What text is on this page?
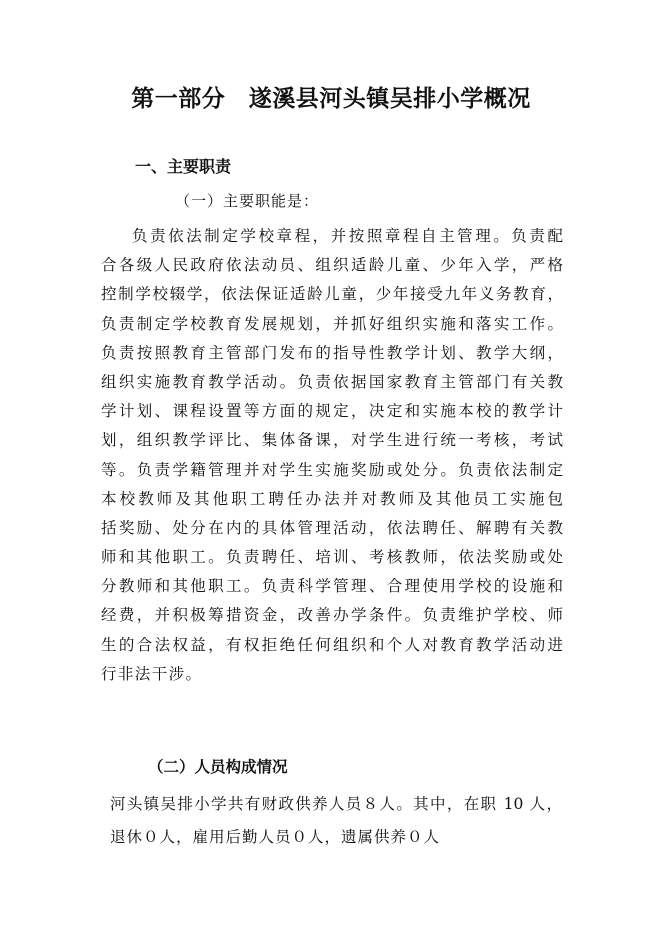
第一部分　遂溪县河头镇吴排小学概况
一、主要职责
（一）主要职能是：
负责依法制定学校章程，并按照章程自主管理。负责配
合各级人民政府依法动员、组织适龄儿童、少年入学，严格
控制学校辍学，依法保证适龄儿童，少年接受九年义务教育，
负责制定学校教育发展规划，并抓好组织实施和落实工作。
负责按照教育主管部门发布的指导性教学计划、教学大纲，
组织实施教育教学活动。负责依据国家教育主管部门有关教
学计划、课程设置等方面的规定，决定和实施本校的教学计
划，组织教学评比、集体备课，对学生进行统一考核，考试
等。负责学籍管理并对学生实施奖励或处分。负责依法制定
本校教师及其他职工聘任办法并对教师及其他员工实施包
括奖励、处分在内的具体管理活动，依法聘任、解聘有关教
师和其他职工。负责聘任、培训、考核教师，依法奖励或处
分教师和其他职工。负责科学管理、合理使用学校的设施和
经费，并积极筹措资金，改善办学条件。负责维护学校、师
生的合法权益，有权拒绝任何组织和个人对教育教学活动进
行非法干涉。
（二）人员构成情况
河头镇吴排小学共有财政供养人员８人。其中，在职 10 人，
退休０人，雇用后勤人员０人，遗属供养０人
